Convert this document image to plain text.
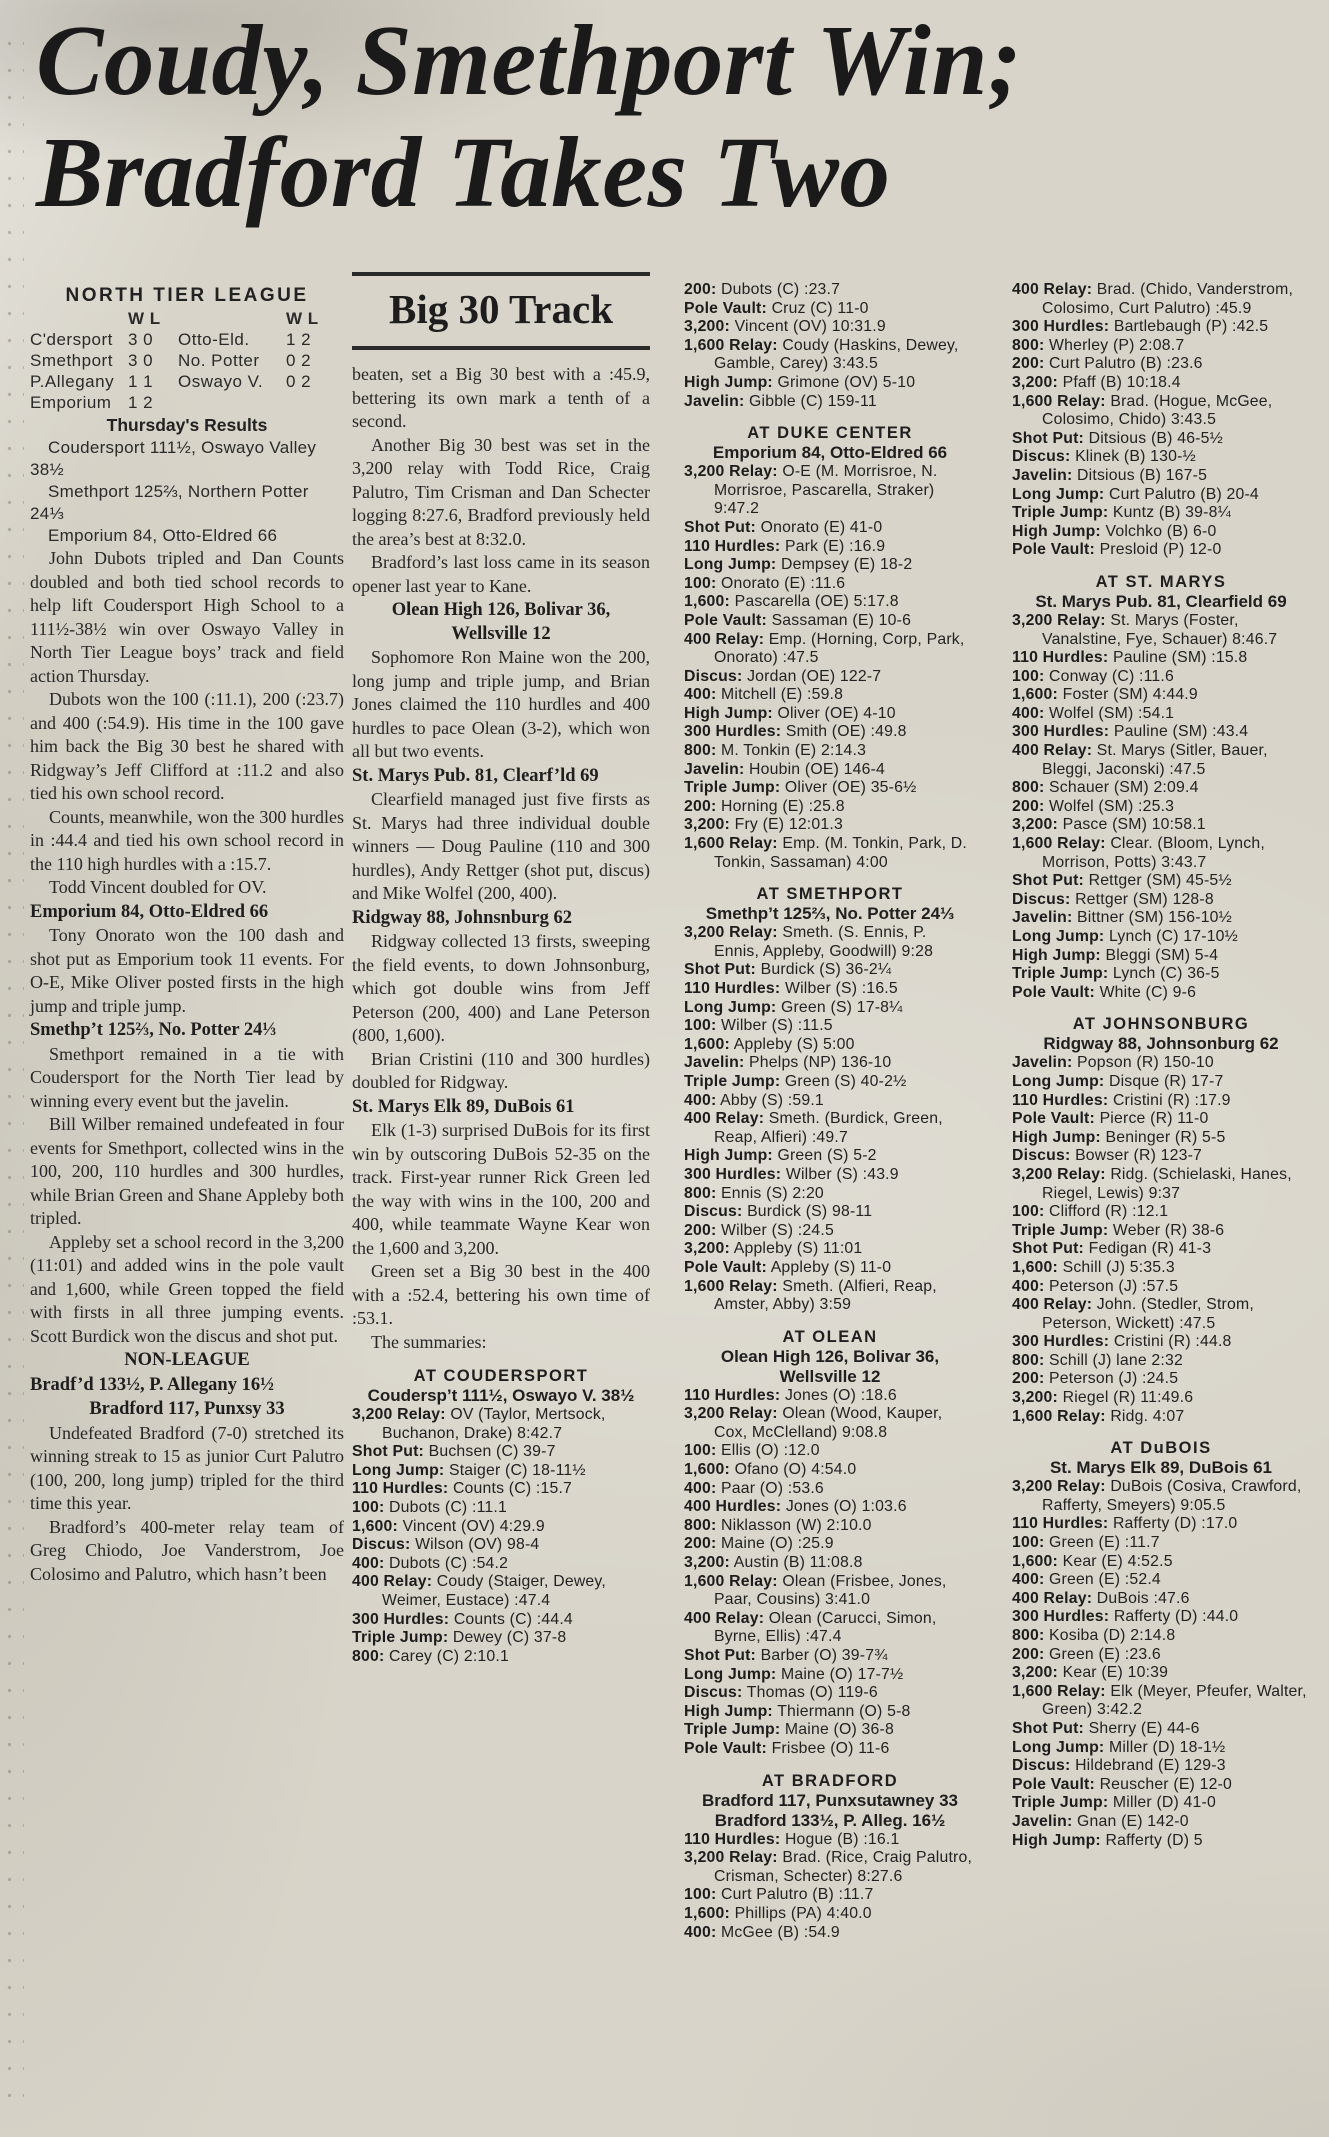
Coudy, Smethport Win;
Bradford Takes Two
NORTH TIER LEAGUE
W L	W L
C'dersport 3 0	Otto-Eld.	1 2
Smethport 3 0	No. Potter	0 2
P.Allegany 1 1	Oswayo V.	0 2
Emporium 1 2
Thursday's Results
Coudersport 111½, Oswayo Valley 38½
Smethport 125⅔, Northern Potter 24⅓
Emporium 84, Otto-Eldred 66

John Dubots tripled and Dan Counts doubled and both tied school records to help lift Coudersport High School to a 111½-38½ win over Oswayo Valley in North Tier League boys’ track and field action Thursday.

Dubots won the 100 (:11.1), 200 (:23.7) and 400 (:54.9). His time in the 100 gave him back the Big 30 best he shared with Ridgway’s Jeff Clifford at :11.2 and also tied his own school record.

Counts, meanwhile, won the 300 hurdles in :44.4 and tied his own school record in the 110 high hurdles with a :15.7.

Todd Vincent doubled for OV.

Emporium 84, Otto-Eldred 66

Tony Onorato won the 100 dash and shot put as Emporium took 11 events. For O-E, Mike Oliver posted firsts in the high jump and triple jump.

Smethp’t 125⅔, No. Potter 24⅓

Smethport remained in a tie with Coudersport for the North Tier lead by winning every event but the javelin.

Bill Wilber remained undefeated in four events for Smethport, collected wins in the 100, 200, 110 hurdles and 300 hurdles, while Brian Green and Shane Appleby both tripled.

Appleby set a school record in the 3,200 (11:01) and added wins in the pole vault and 1,600, while Green topped the field with firsts in all three jumping events. Scott Burdick won the discus and shot put.

NON-LEAGUE
Bradf’d 133½, P. Allegany 16½
Bradford 117, Punxsy 33

Undefeated Bradford (7-0) stretched its winning streak to 15 as junior Curt Palutro (100, 200, long jump) tripled for the third time this year.

Bradford’s 400-meter relay team of Greg Chiodo, Joe Vanderstrom, Joe Colosimo and Palutro, which hasn’t been

Big 30 Track

beaten, set a Big 30 best with a :45.9, bettering its own mark a tenth of a second.

Another Big 30 best was set in the 3,200 relay with Todd Rice, Craig Palutro, Tim Crisman and Dan Schecter logging 8:27.6, Bradford previously held the area’s best at 8:32.0.

Bradford’s last loss came in its season opener last year to Kane.

Olean High 126, Bolivar 36, Wellsville 12

Sophomore Ron Maine won the 200, long jump and triple jump, and Brian Jones claimed the 110 hurdles and 400 hurdles to pace Olean (3-2), which won all but two events.

St. Marys Pub. 81, Clearf’ld 69

Clearfield managed just five firsts as St. Marys had three individual double winners — Doug Pauline (110 and 300 hurdles), Andy Rettger (shot put, discus) and Mike Wolfel (200, 400).

Ridgway 88, Johnsnburg 62

Ridgway collected 13 firsts, sweeping the field events, to down Johnsonburg, which got double wins from Jeff Peterson (200, 400) and Lane Peterson (800, 1,600).

Brian Cristini (110 and 300 hurdles) doubled for Ridgway.

St. Marys Elk 89, DuBois 61

Elk (1-3) surprised DuBois for its first win by outscoring DuBois 52-35 on the track. First-year runner Rick Green led the way with wins in the 100, 200 and 400, while teammate Wayne Kear won the 1,600 and 3,200.

Green set a Big 30 best in the 400 with a :52.4, bettering his own time of :53.1.

The summaries:

AT COUDERSPORT
Coudersp’t 111½, Oswayo V. 38½
3,200 Relay: OV (Taylor, Mertsock, Buchanon, Drake) 8:42.7
Shot Put: Buchsen (C) 39-7
Long Jump: Staiger (C) 18-11½
110 Hurdles: Counts (C) :15.7
100: Dubots (C) :11.1
1,600: Vincent (OV) 4:29.9
Discus: Wilson (OV) 98-4
400: Dubots (C) :54.2
400 Relay: Coudy (Staiger, Dewey, Weimer, Eustace) :47.4
300 Hurdles: Counts (C) :44.4
Triple Jump: Dewey (C) 37-8
800: Carey (C) 2:10.1
200: Dubots (C) :23.7
Pole Vault: Cruz (C) 11-0
3,200: Vincent (OV) 10:31.9
1,600 Relay: Coudy (Haskins, Dewey, Gamble, Carey) 3:43.5
High Jump: Grimone (OV) 5-10
Javelin: Gibble (C) 159-11
AT DUKE CENTER
Emporium 84, Otto-Eldred 66
3,200 Relay: O-E (M. Morrisroe, N. Morrisroe, Pascarella, Straker) 9:47.2
Shot Put: Onorato (E) 41-0
110 Hurdles: Park (E) :16.9
Long Jump: Dempsey (E) 18-2
100: Onorato (E) :11.6
1,600: Pascarella (OE) 5:17.8
Pole Vault: Sassaman (E) 10-6
400 Relay: Emp. (Horning, Corp, Park, Onorato) :47.5
Discus: Jordan (OE) 122-7
400: Mitchell (E) :59.8
High Jump: Oliver (OE) 4-10
300 Hurdles: Smith (OE) :49.8
800: M. Tonkin (E) 2:14.3
Javelin: Houbin (OE) 146-4
Triple Jump: Oliver (OE) 35-6½
200: Horning (E) :25.8
3,200: Fry (E) 12:01.3
1,600 Relay: Emp. (M. Tonkin, Park, D. Tonkin, Sassaman) 4:00
AT SMETHPORT
Smethp’t 125⅔, No. Potter 24⅓
3,200 Relay: Smeth. (S. Ennis, P. Ennis, Appleby, Goodwill) 9:28
Shot Put: Burdick (S) 36-2¼
110 Hurdles: Wilber (S) :16.5
Long Jump: Green (S) 17-8¼
100: Wilber (S) :11.5
1,600: Appleby (S) 5:00
Javelin: Phelps (NP) 136-10
Triple Jump: Green (S) 40-2½
400: Abby (S) :59.1
400 Relay: Smeth. (Burdick, Green, Reap, Alfieri) :49.7
High Jump: Green (S) 5-2
300 Hurdles: Wilber (S) :43.9
800: Ennis (S) 2:20
Discus: Burdick (S) 98-11
200: Wilber (S) :24.5
3,200: Appleby (S) 11:01
Pole Vault: Appleby (S) 11-0
1,600 Relay: Smeth. (Alfieri, Reap, Amster, Abby) 3:59
AT OLEAN
Olean High 126, Bolivar 36, Wellsville 12
110 Hurdles: Jones (O) :18.6
3,200 Relay: Olean (Wood, Kauper, Cox, McClelland) 9:08.8
100: Ellis (O) :12.0
1,600: Ofano (O) 4:54.0
400: Paar (O) :53.6
400 Hurdles: Jones (O) 1:03.6
800: Niklasson (W) 2:10.0
200: Maine (O) :25.9
3,200: Austin (B) 11:08.8
1,600 Relay: Olean (Frisbee, Jones, Paar, Cousins) 3:41.0
400 Relay: Olean (Carucci, Simon, Byrne, Ellis) :47.4
Shot Put: Barber (O) 39-7¾
Long Jump: Maine (O) 17-7½
Discus: Thomas (O) 119-6
High Jump: Thiermann (O) 5-8
Triple Jump: Maine (O) 36-8
Pole Vault: Frisbee (O) 11-6
AT BRADFORD
Bradford 117, Punxsutawney 33
Bradford 133½, P. Alleg. 16½
110 Hurdles: Hogue (B) :16.1
3,200 Relay: Brad. (Rice, Craig Palutro, Crisman, Schecter) 8:27.6
100: Curt Palutro (B) :11.7
1,600: Phillips (PA) 4:40.0
400: McGee (B) :54.9
400 Relay: Brad. (Chido, Vanderstrom, Colosimo, Curt Palutro) :45.9
300 Hurdles: Bartlebaugh (P) :42.5
800: Wherley (P) 2:08.7
200: Curt Palutro (B) :23.6
3,200: Pfaff (B) 10:18.4
1,600 Relay: Brad. (Hogue, McGee, Colosimo, Chido) 3:43.5
Shot Put: Ditsious (B) 46-5½
Discus: Klinek (B) 130-½
Javelin: Ditsious (B) 167-5
Long Jump: Curt Palutro (B) 20-4
Triple Jump: Kuntz (B) 39-8¼
High Jump: Volchko (B) 6-0
Pole Vault: Presloid (P) 12-0
AT ST. MARYS
St. Marys Pub. 81, Clearfield 69
3,200 Relay: St. Marys (Foster, Vanalstine, Fye, Schauer) 8:46.7
110 Hurdles: Pauline (SM) :15.8
100: Conway (C) :11.6
1,600: Foster (SM) 4:44.9
400: Wolfel (SM) :54.1
300 Hurdles: Pauline (SM) :43.4
400 Relay: St. Marys (Sitler, Bauer, Bleggi, Jaconski) :47.5
800: Schauer (SM) 2:09.4
200: Wolfel (SM) :25.3
3,200: Pasce (SM) 10:58.1
1,600 Relay: Clear. (Bloom, Lynch, Morrison, Potts) 3:43.7
Shot Put: Rettger (SM) 45-5½
Discus: Rettger (SM) 128-8
Javelin: Bittner (SM) 156-10½
Long Jump: Lynch (C) 17-10½
High Jump: Bleggi (SM) 5-4
Triple Jump: Lynch (C) 36-5
Pole Vault: White (C) 9-6
AT JOHNSONBURG
Ridgway 88, Johnsonburg 62
Javelin: Popson (R) 150-10
Long Jump: Disque (R) 17-7
110 Hurdles: Cristini (R) :17.9
Pole Vault: Pierce (R) 11-0
High Jump: Beninger (R) 5-5
Discus: Bowser (R) 123-7
3,200 Relay: Ridg. (Schielaski, Hanes, Riegel, Lewis) 9:37
100: Clifford (R) :12.1
Triple Jump: Weber (R) 38-6
Shot Put: Fedigan (R) 41-3
1,600: Schill (J) 5:35.3
400: Peterson (J) :57.5
400 Relay: John. (Stedler, Strom, Peterson, Wickett) :47.5
300 Hurdles: Cristini (R) :44.8
800: Schill (J) lane 2:32
200: Peterson (J) :24.5
3,200: Riegel (R) 11:49.6
1,600 Relay: Ridg. 4:07
AT DuBOIS
St. Marys Elk 89, DuBois 61
3,200 Relay: DuBois (Cosiva, Crawford, Rafferty, Smeyers) 9:05.5
110 Hurdles: Rafferty (D) :17.0
100: Green (E) :11.7
1,600: Kear (E) 4:52.5
400: Green (E) :52.4
400 Relay: DuBois :47.6
300 Hurdles: Rafferty (D) :44.0
800: Kosiba (D) 2:14.8
200: Green (E) :23.6
3,200: Kear (E) 10:39
1,600 Relay: Elk (Meyer, Pfeufer, Walter, Green) 3:42.2
Shot Put: Sherry (E) 44-6
Long Jump: Miller (D) 18-1½
Discus: Hildebrand (E) 129-3
Pole Vault: Reuscher (E) 12-0
Triple Jump: Miller (D) 41-0
Javelin: Gnan (E) 142-0
High Jump: Rafferty (D) 5
